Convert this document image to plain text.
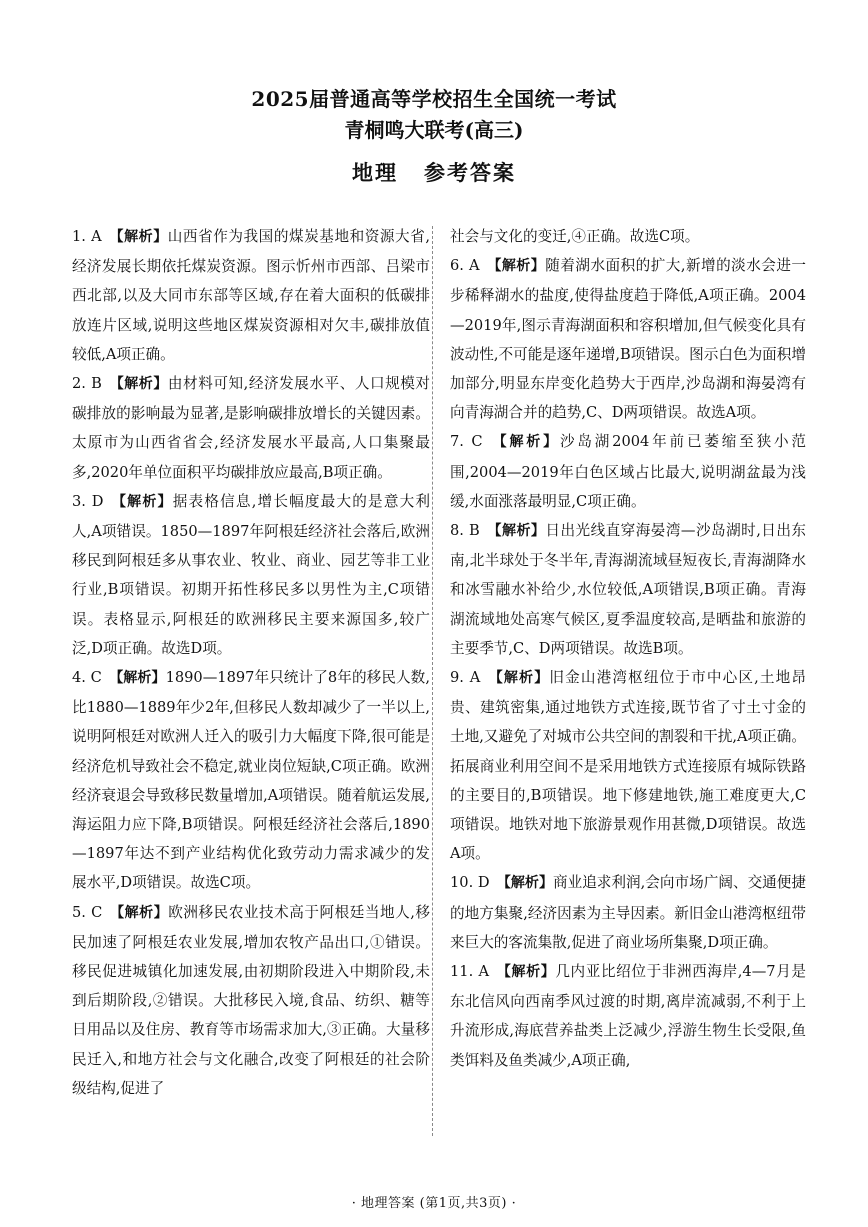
2025届普通高等学校招生全国统一考试
青桐鸣大联考(高三)
地理 参考答案

1. A 【解析】山西省作为我国的煤炭基地和资源大省,经济发展长期依托煤炭资源。图示忻州市西部、吕梁市西北部,以及大同市东部等区域,存在着大面积的低碳排放连片区域,说明这些地区煤炭资源相对欠丰,碳排放值较低,A项正确。

2. B 【解析】由材料可知,经济发展水平、人口规模对碳排放的影响最为显著,是影响碳排放增长的关键因素。太原市为山西省省会,经济发展水平最高,人口集聚最多,2020年单位面积平均碳排放应最高,B项正确。

3. D 【解析】据表格信息,增长幅度最大的是意大利人,A项错误。1850—1897年阿根廷经济社会落后,欧洲移民到阿根廷多从事农业、牧业、商业、园艺等非工业行业,B项错误。初期开拓性移民多以男性为主,C项错误。表格显示,阿根廷的欧洲移民主要来源国多,较广泛,D项正确。故选D项。

4. C 【解析】1890—1897年只统计了8年的移民人数,比1880—1889年少2年,但移民人数却减少了一半以上,说明阿根廷对欧洲人迁入的吸引力大幅度下降,很可能是经济危机导致社会不稳定,就业岗位短缺,C项正确。欧洲经济衰退会导致移民数量增加,A项错误。随着航运发展,海运阻力应下降,B项错误。阿根廷经济社会落后,1890—1897年达不到产业结构优化致劳动力需求减少的发展水平,D项错误。故选C项。

5. C 【解析】欧洲移民农业技术高于阿根廷当地人,移民加速了阿根廷农业发展,增加农牧产品出口,①错误。移民促进城镇化加速发展,由初期阶段进入中期阶段,未到后期阶段,②错误。大批移民入境,食品、纺织、糖等日用品以及住房、教育等市场需求加大,③正确。大量移民迁入,和地方社会与文化融合,改变了阿根廷的社会阶级结构,促进了

社会与文化的变迁,④正确。故选C项。

6. A 【解析】随着湖水面积的扩大,新增的淡水会进一步稀释湖水的盐度,使得盐度趋于降低,A项正确。2004—2019年,图示青海湖面积和容积增加,但气候变化具有波动性,不可能是逐年递增,B项错误。图示白色为面积增加部分,明显东岸变化趋势大于西岸,沙岛湖和海晏湾有向青海湖合并的趋势,C、D两项错误。故选A项。

7. C 【解析】沙岛湖2004年前已萎缩至狭小范围,2004—2019年白色区域占比最大,说明湖盆最为浅缓,水面涨落最明显,C项正确。

8. B 【解析】日出光线直穿海晏湾—沙岛湖时,日出东南,北半球处于冬半年,青海湖流域昼短夜长,青海湖降水和冰雪融水补给少,水位较低,A项错误,B项正确。青海湖流域地处高寒气候区,夏季温度较高,是晒盐和旅游的主要季节,C、D两项错误。故选B项。

9. A 【解析】旧金山港湾枢纽位于市中心区,土地昂贵、建筑密集,通过地铁方式连接,既节省了寸土寸金的土地,又避免了对城市公共空间的割裂和干扰,A项正确。拓展商业利用空间不是采用地铁方式连接原有城际铁路的主要目的,B项错误。地下修建地铁,施工难度更大,C项错误。地铁对地下旅游景观作用甚微,D项错误。故选A项。

10. D 【解析】商业追求利润,会向市场广阔、交通便捷的地方集聚,经济因素为主导因素。新旧金山港湾枢纽带来巨大的客流集散,促进了商业场所集聚,D项正确。

11. A 【解析】几内亚比绍位于非洲西海岸,4—7月是东北信风向西南季风过渡的时期,离岸流减弱,不利于上升流形成,海底营养盐类上泛减少,浮游生物生长受限,鱼类饵料及鱼类减少,A项正确,

· 地理答案 (第1页,共3页) ·
